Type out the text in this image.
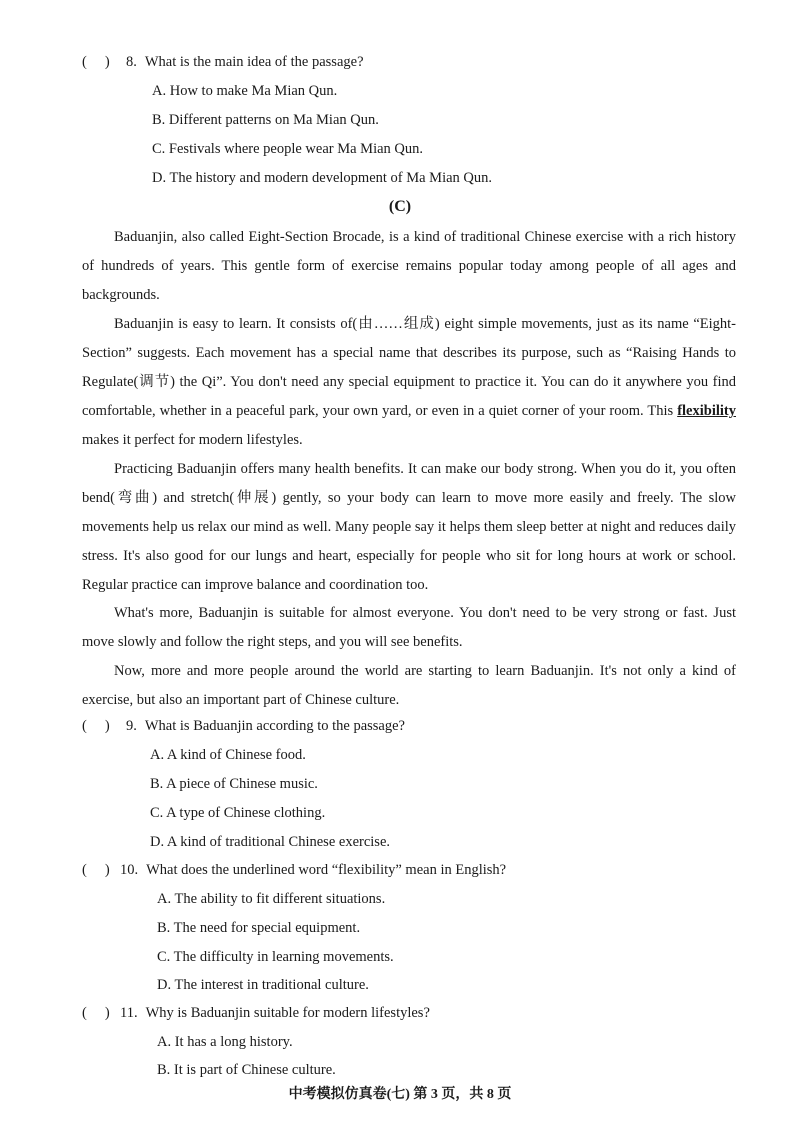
( )	8. What is the main idea of the passage?
A. How to make Ma Mian Qun.
B. Different patterns on Ma Mian Qun.
C. Festivals where people wear Ma Mian Qun.
D. The history and modern development of Ma Mian Qun.
(C)
Baduanjin, also called Eight-Section Brocade, is a kind of traditional Chinese exercise with a rich history of hundreds of years. This gentle form of exercise remains popular today among people of all ages and backgrounds.
Baduanjin is easy to learn. It consists of(由……组成) eight simple movements, just as its name “Eight-Section” suggests. Each movement has a special name that describes its purpose, such as “Raising Hands to Regulate(调节) the Qi”. You don't need any special equipment to practice it. You can do it anywhere you find comfortable, whether in a peaceful park, your own yard, or even in a quiet corner of your room. This flexibility makes it perfect for modern lifestyles.
Practicing Baduanjin offers many health benefits. It can make our body strong. When you do it, you often bend(弯曲) and stretch(伸展) gently, so your body can learn to move more easily and freely. The slow movements help us relax our mind as well. Many people say it helps them sleep better at night and reduces daily stress. It's also good for our lungs and heart, especially for people who sit for long hours at work or school. Regular practice can improve balance and coordination too.
What's more, Baduanjin is suitable for almost everyone. You don't need to be very strong or fast. Just move slowly and follow the right steps, and you will see benefits.
Now, more and more people around the world are starting to learn Baduanjin. It's not only a kind of exercise, but also an important part of Chinese culture.
( )	9. What is Baduanjin according to the passage?
A. A kind of Chinese food.
B. A piece of Chinese music.
C. A type of Chinese clothing.
D. A kind of traditional Chinese exercise.
( ) 10. What does the underlined word “flexibility” mean in English?
A. The ability to fit different situations.
B. The need for special equipment.
C. The difficulty in learning movements.
D. The interest in traditional culture.
( ) 11. Why is Baduanjin suitable for modern lifestyles?
A. It has a long history.
B. It is part of Chinese culture.
中考模拟仿真卷(七) 第 3 页，共 8 页
